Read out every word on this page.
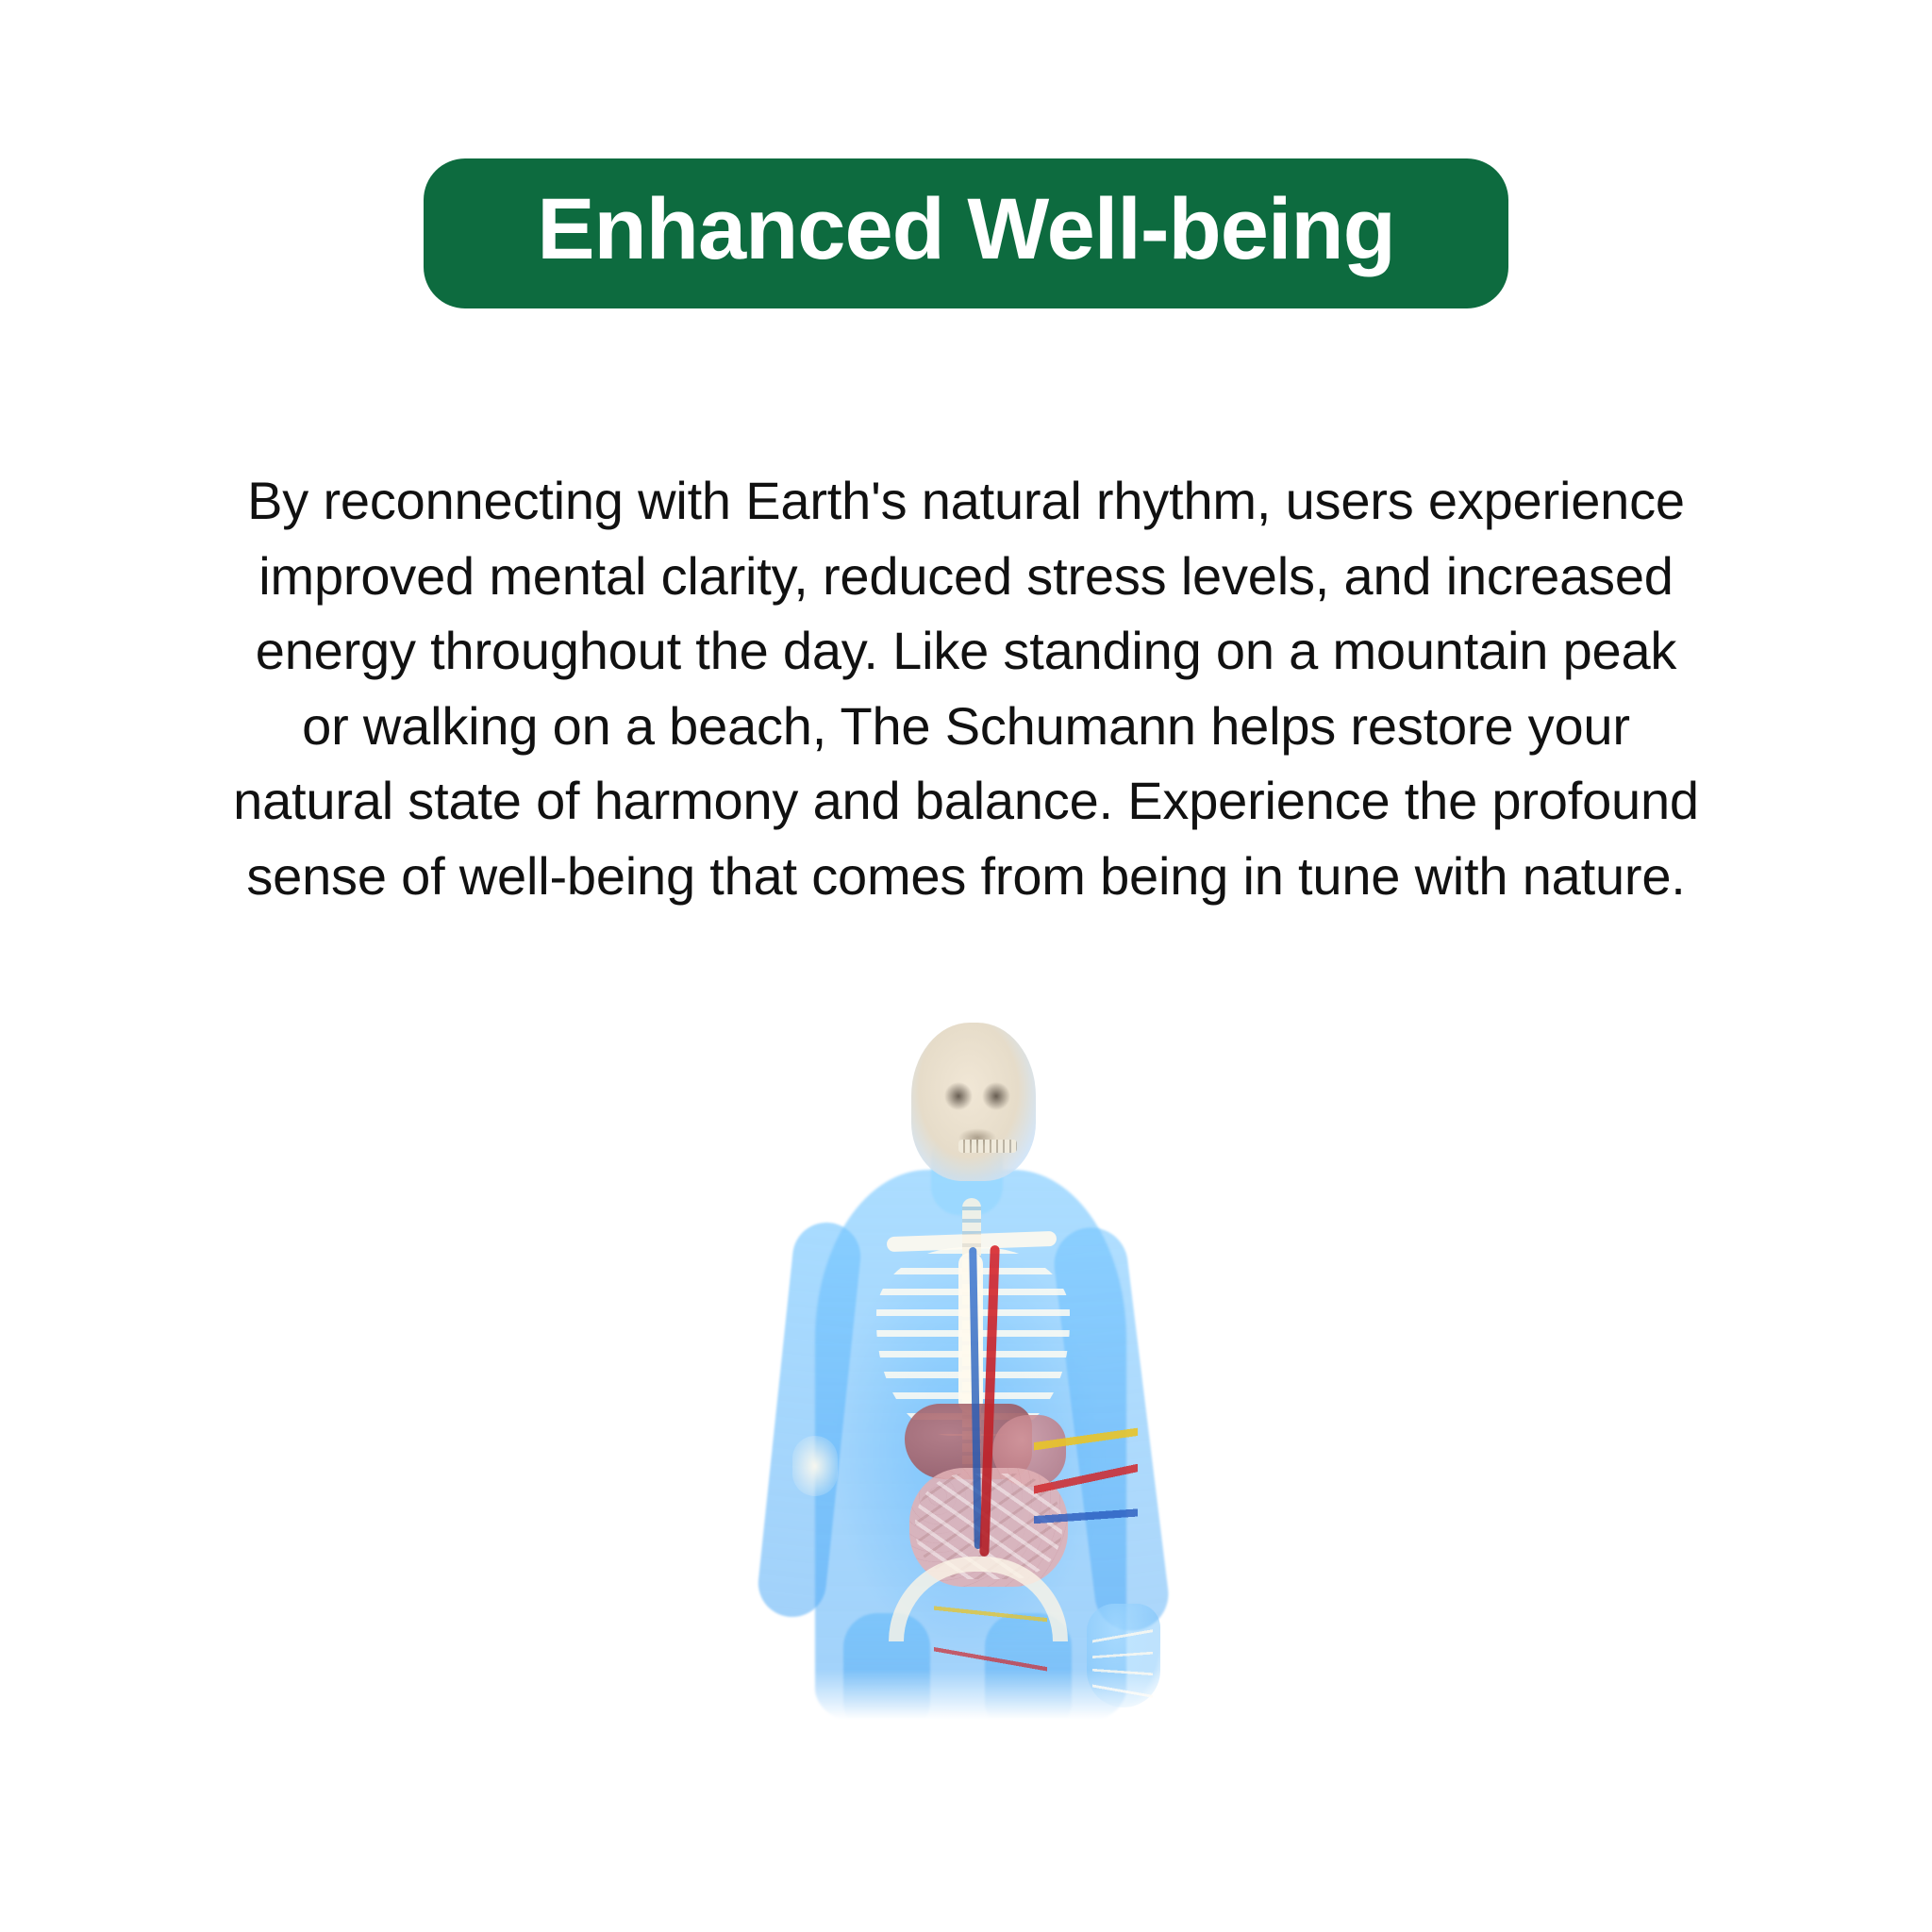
Enhanced Well-being

By reconnecting with Earth's natural rhythm, users experience improved mental clarity, reduced stress levels, and increased energy throughout the day. Like standing on a mountain peak or walking on a beach, The Schumann helps restore your natural state of harmony and balance. Experience the profound sense of well-being that comes from being in tune with nature.
